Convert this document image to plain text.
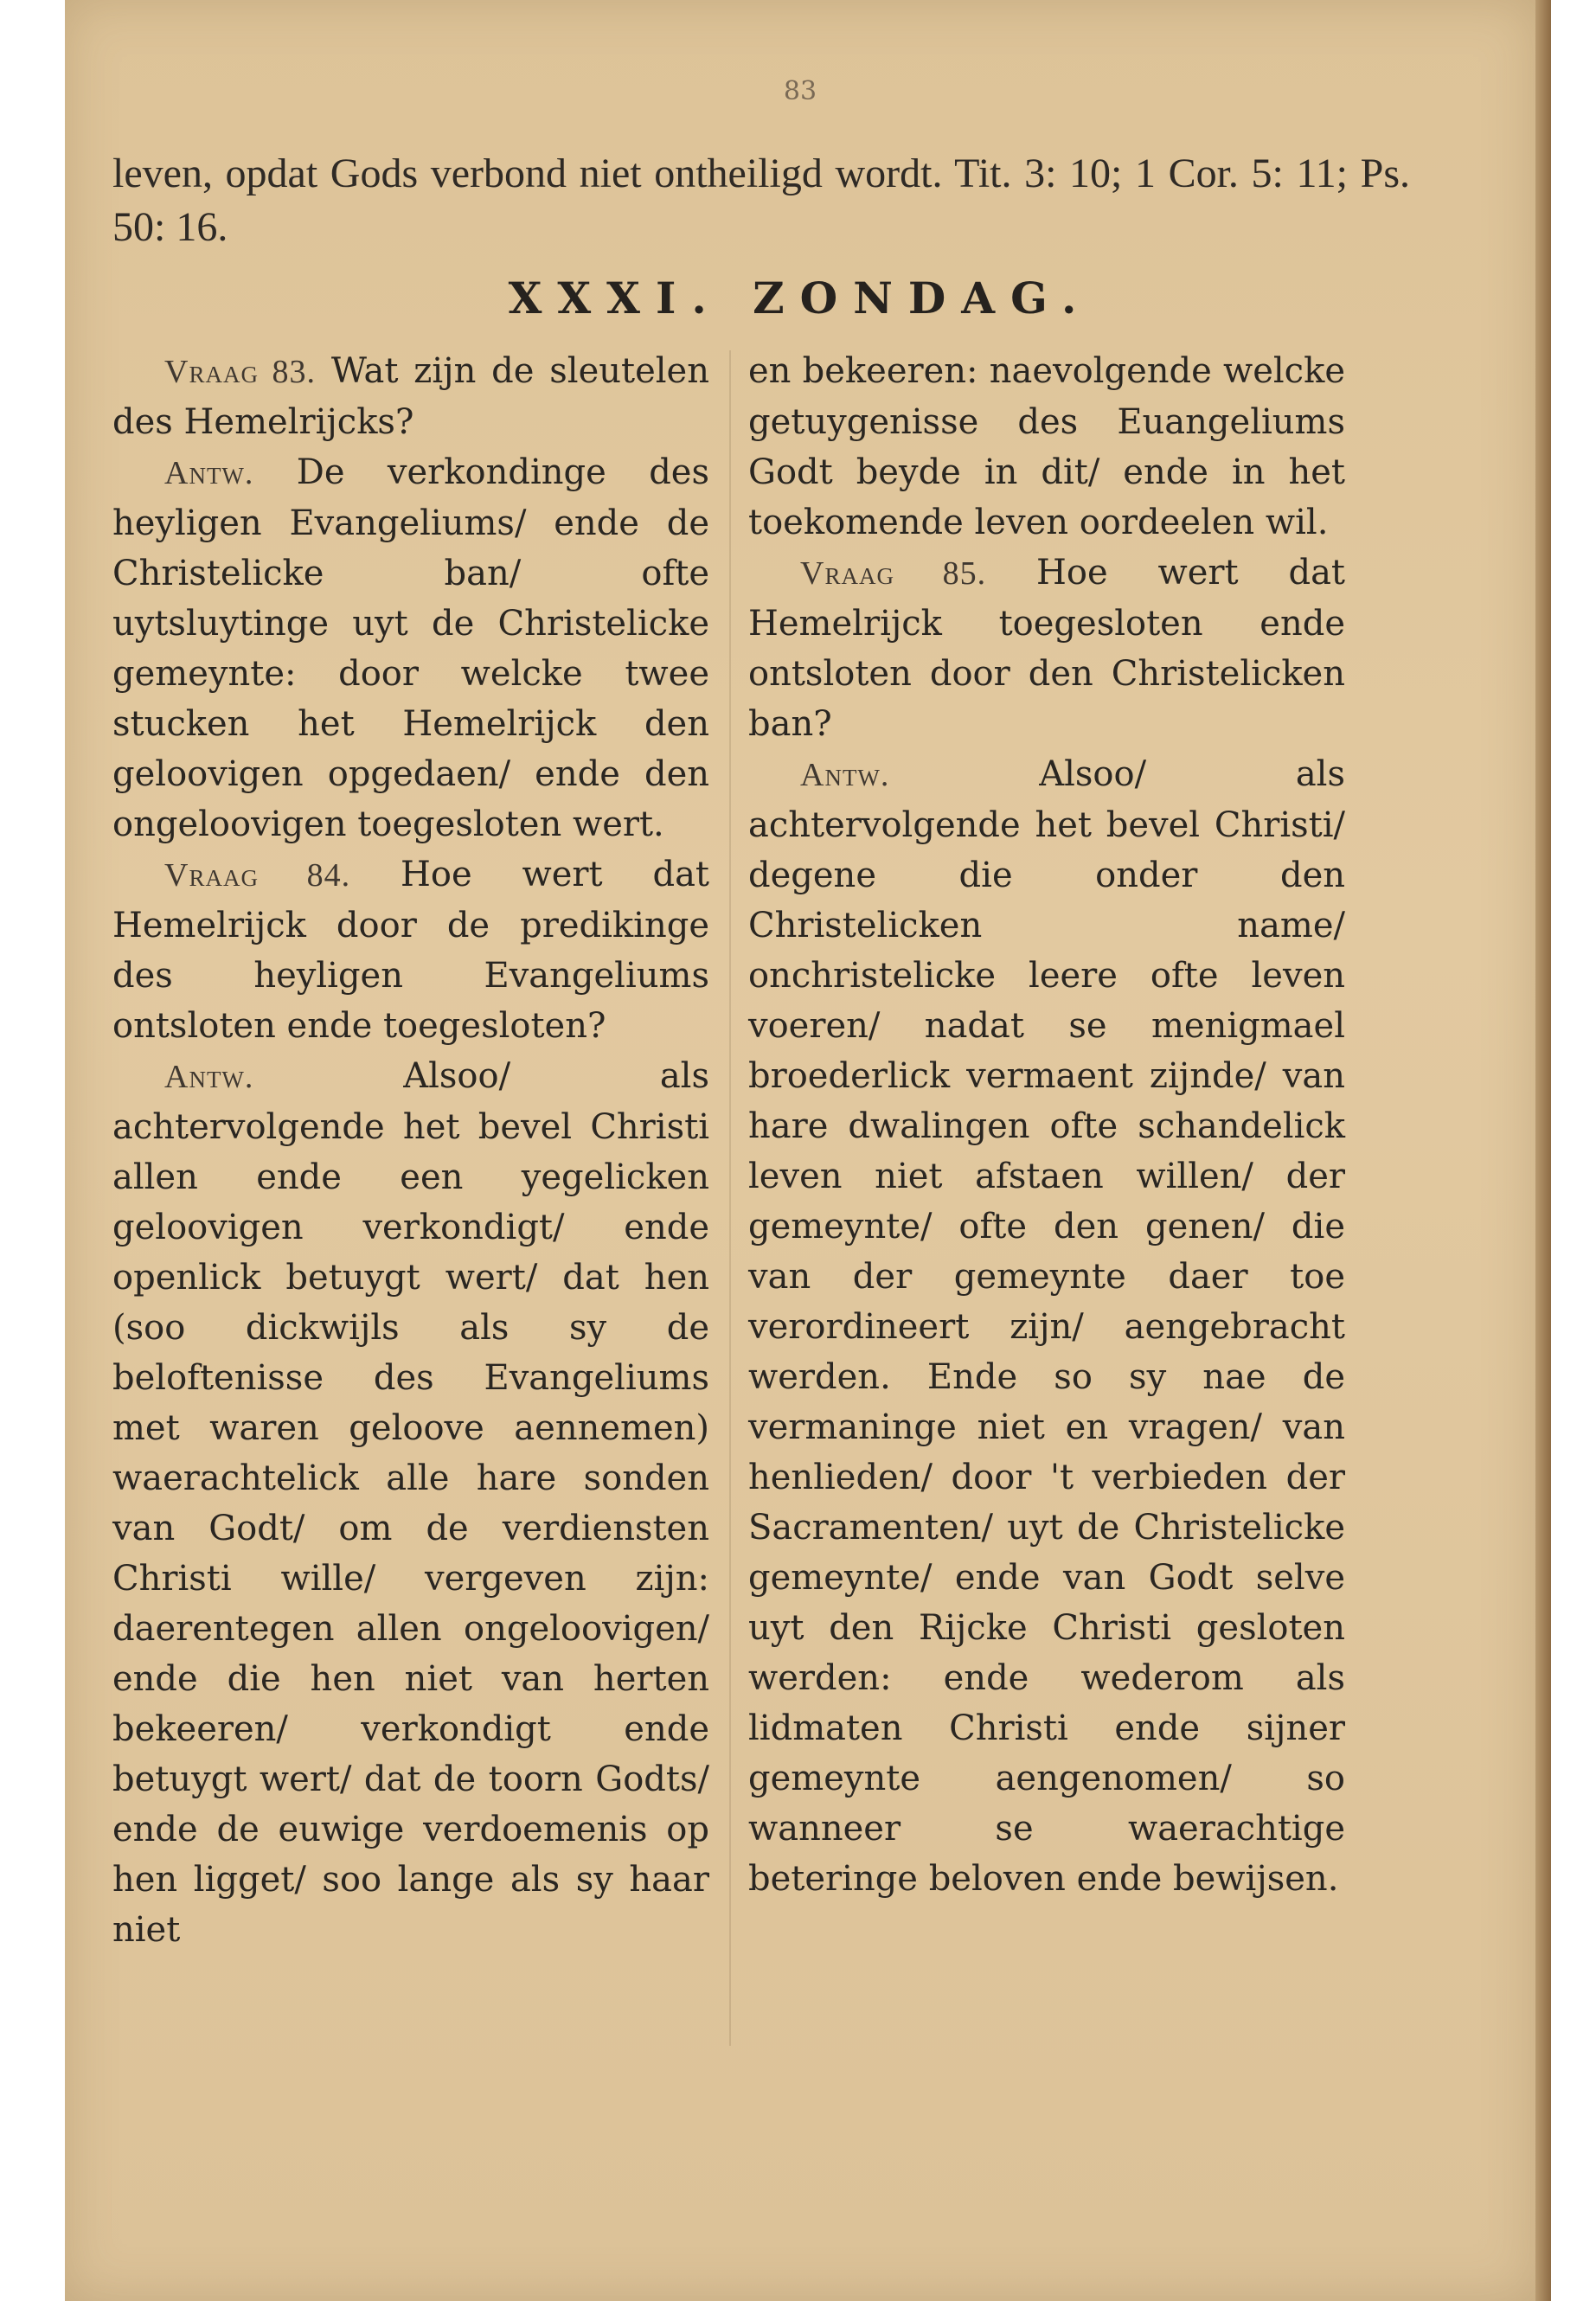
83

leven, opdat Gods verbond niet ontheiligd wordt. Tit. 3: 10; 1 Cor. 5: 11; Ps. 50: 16.

XXXI. ZONDAG.

Vraag 83. Wat zijn de sleutelen des Hemelrijcks?

Antw. De verkondinge des heyligen Evangeliums/ ende de Christelicke ban/ ofte uytsluytinge uyt de Christelicke gemeynte: door welcke twee stucken het Hemelrijck den geloovigen opgedaen/ ende den ongeloovigen toegesloten wert.

Vraag 84. Hoe wert dat Hemelrijck door de predikinge des heyligen Evangeliums ontsloten ende toegesloten?

Antw.	Alsoo/ als achtervolgende het bevel Christi allen ende een yegelicken geloovigen verkondigt/ ende openlick betuygt wert/ dat hen (soo dickwijls als sy de beloftenisse des Evangeliums met waren geloove aennemen) waerachtelick alle hare sonden van Godt/ om de verdiensten Christi wille/ vergeven zijn: daerentegen allen ongeloovigen/ ende die hen niet van herten bekeeren/ verkondigt ende betuygt wert/ dat de toorn Godts/ ende de euwige verdoemenis op hen ligget/ soo lange als sy haar niet

en bekeeren: naevolgende welcke getuygenisse des Euangeliums Godt beyde in dit/ ende in het toekomende leven oordeelen wil.

Vraag 85. Hoe wert dat Hemelrijck toegesloten ende ontsloten door den Christelicken ban?

Antw.	Alsoo/ als achtervolgende het bevel Christi/ degene die onder den Christelicken name/ onchristelicke leere ofte leven voeren/ nadat se menigmael broederlick vermaent zijnde/ van hare dwalingen ofte schandelick leven niet afstaen willen/ der gemeynte/ ofte den genen/ die van der gemeynte daer toe verordineert zijn/ aengebracht werden. Ende so sy nae de vermaninge niet en vragen/ van henlieden/ door 't verbieden der Sacramenten/ uyt de Christelicke gemeynte/ ende van Godt selve uyt den Rijcke Christi gesloten werden: ende wederom als lidmaten Christi ende sijner gemeynte aengenomen/ so wanneer se waerachtige beteringe beloven ende bewijsen.
